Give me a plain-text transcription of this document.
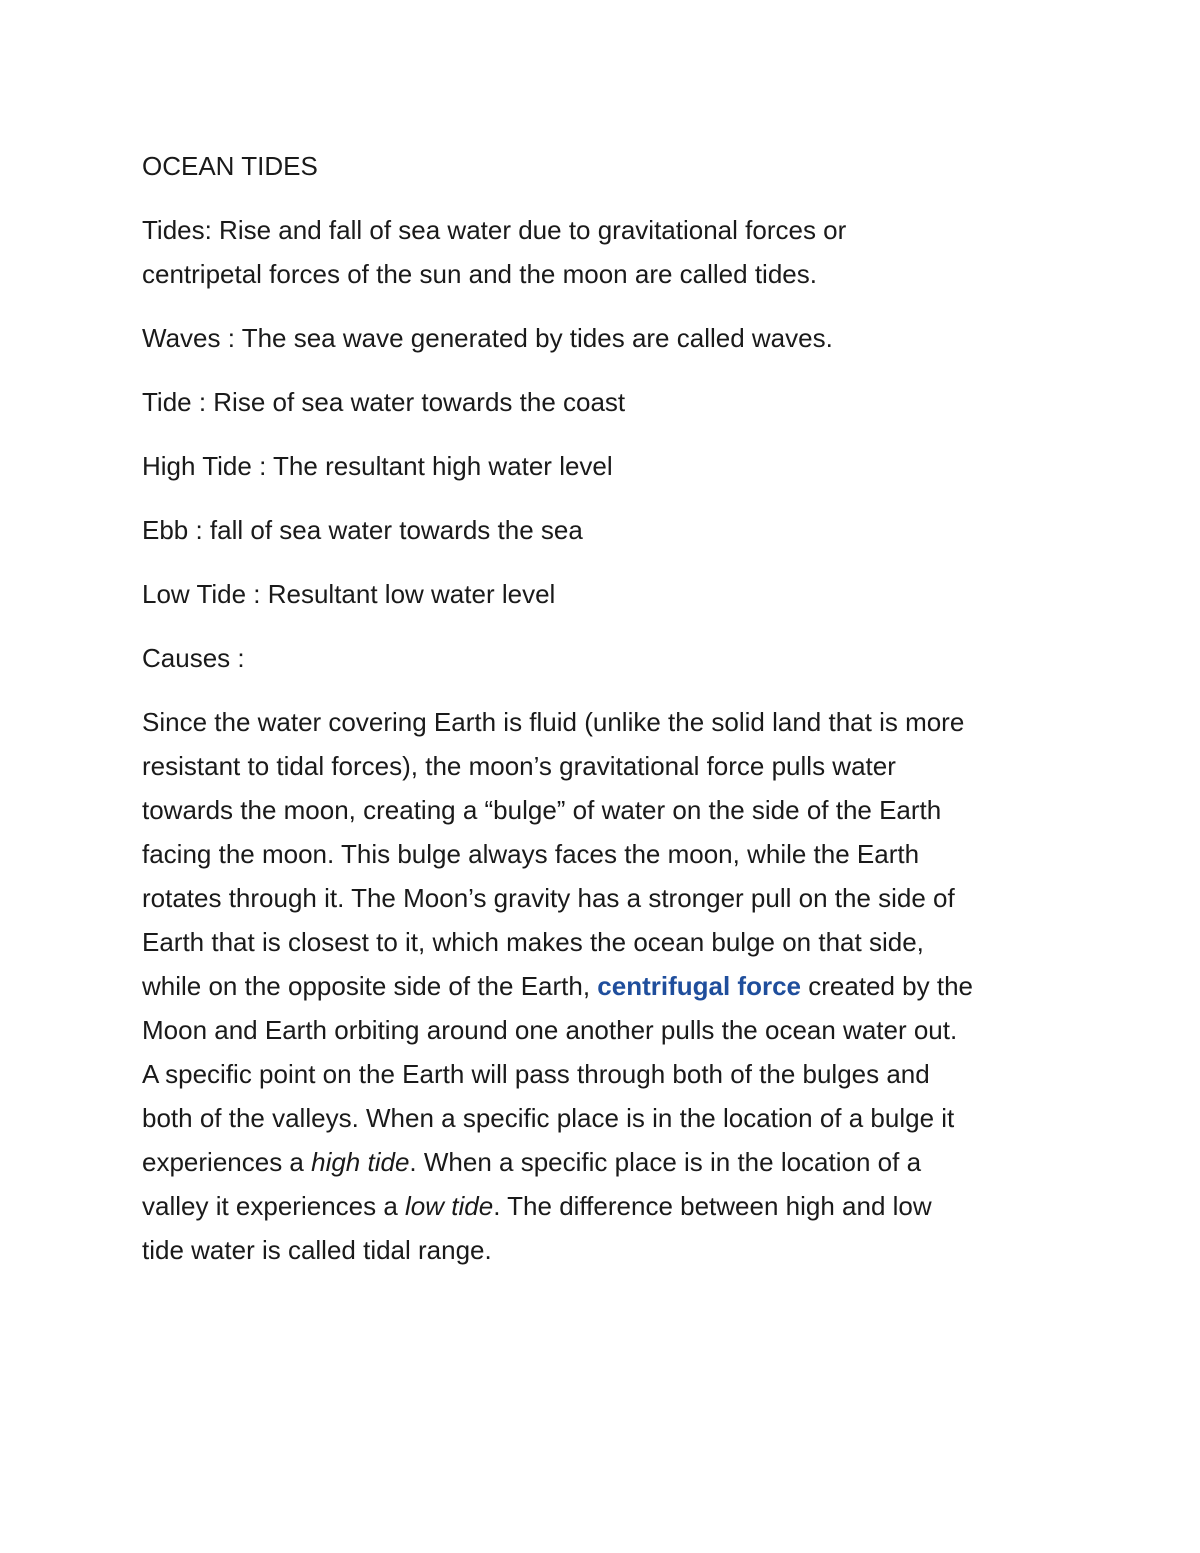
OCEAN TIDES

Tides: Rise and fall of sea water due to gravitational forces or
centripetal forces of the sun and the moon are called tides.

Waves : The sea wave generated by tides are called waves.

Tide : Rise of sea water towards the coast

High Tide : The resultant high water level

Ebb : fall of sea water towards the sea

Low Tide : Resultant low water level

Causes :

Since the water covering Earth is fluid (unlike the solid land that is more
resistant to tidal forces), the moon’s gravitational force pulls water
towards the moon, creating a “bulge” of water on the side of the Earth
facing the moon. This bulge always faces the moon, while the Earth
rotates through it. The Moon’s gravity has a stronger pull on the side of
Earth that is closest to it, which makes the ocean bulge on that side,
while on the opposite side of the Earth, centrifugal force created by the
Moon and Earth orbiting around one another pulls the ocean water out.
A specific point on the Earth will pass through both of the bulges and
both of the valleys. When a specific place is in the location of a bulge it
experiences a high tide. When a specific place is in the location of a
valley it experiences a low tide. The difference between high and low
tide water is called tidal range.
